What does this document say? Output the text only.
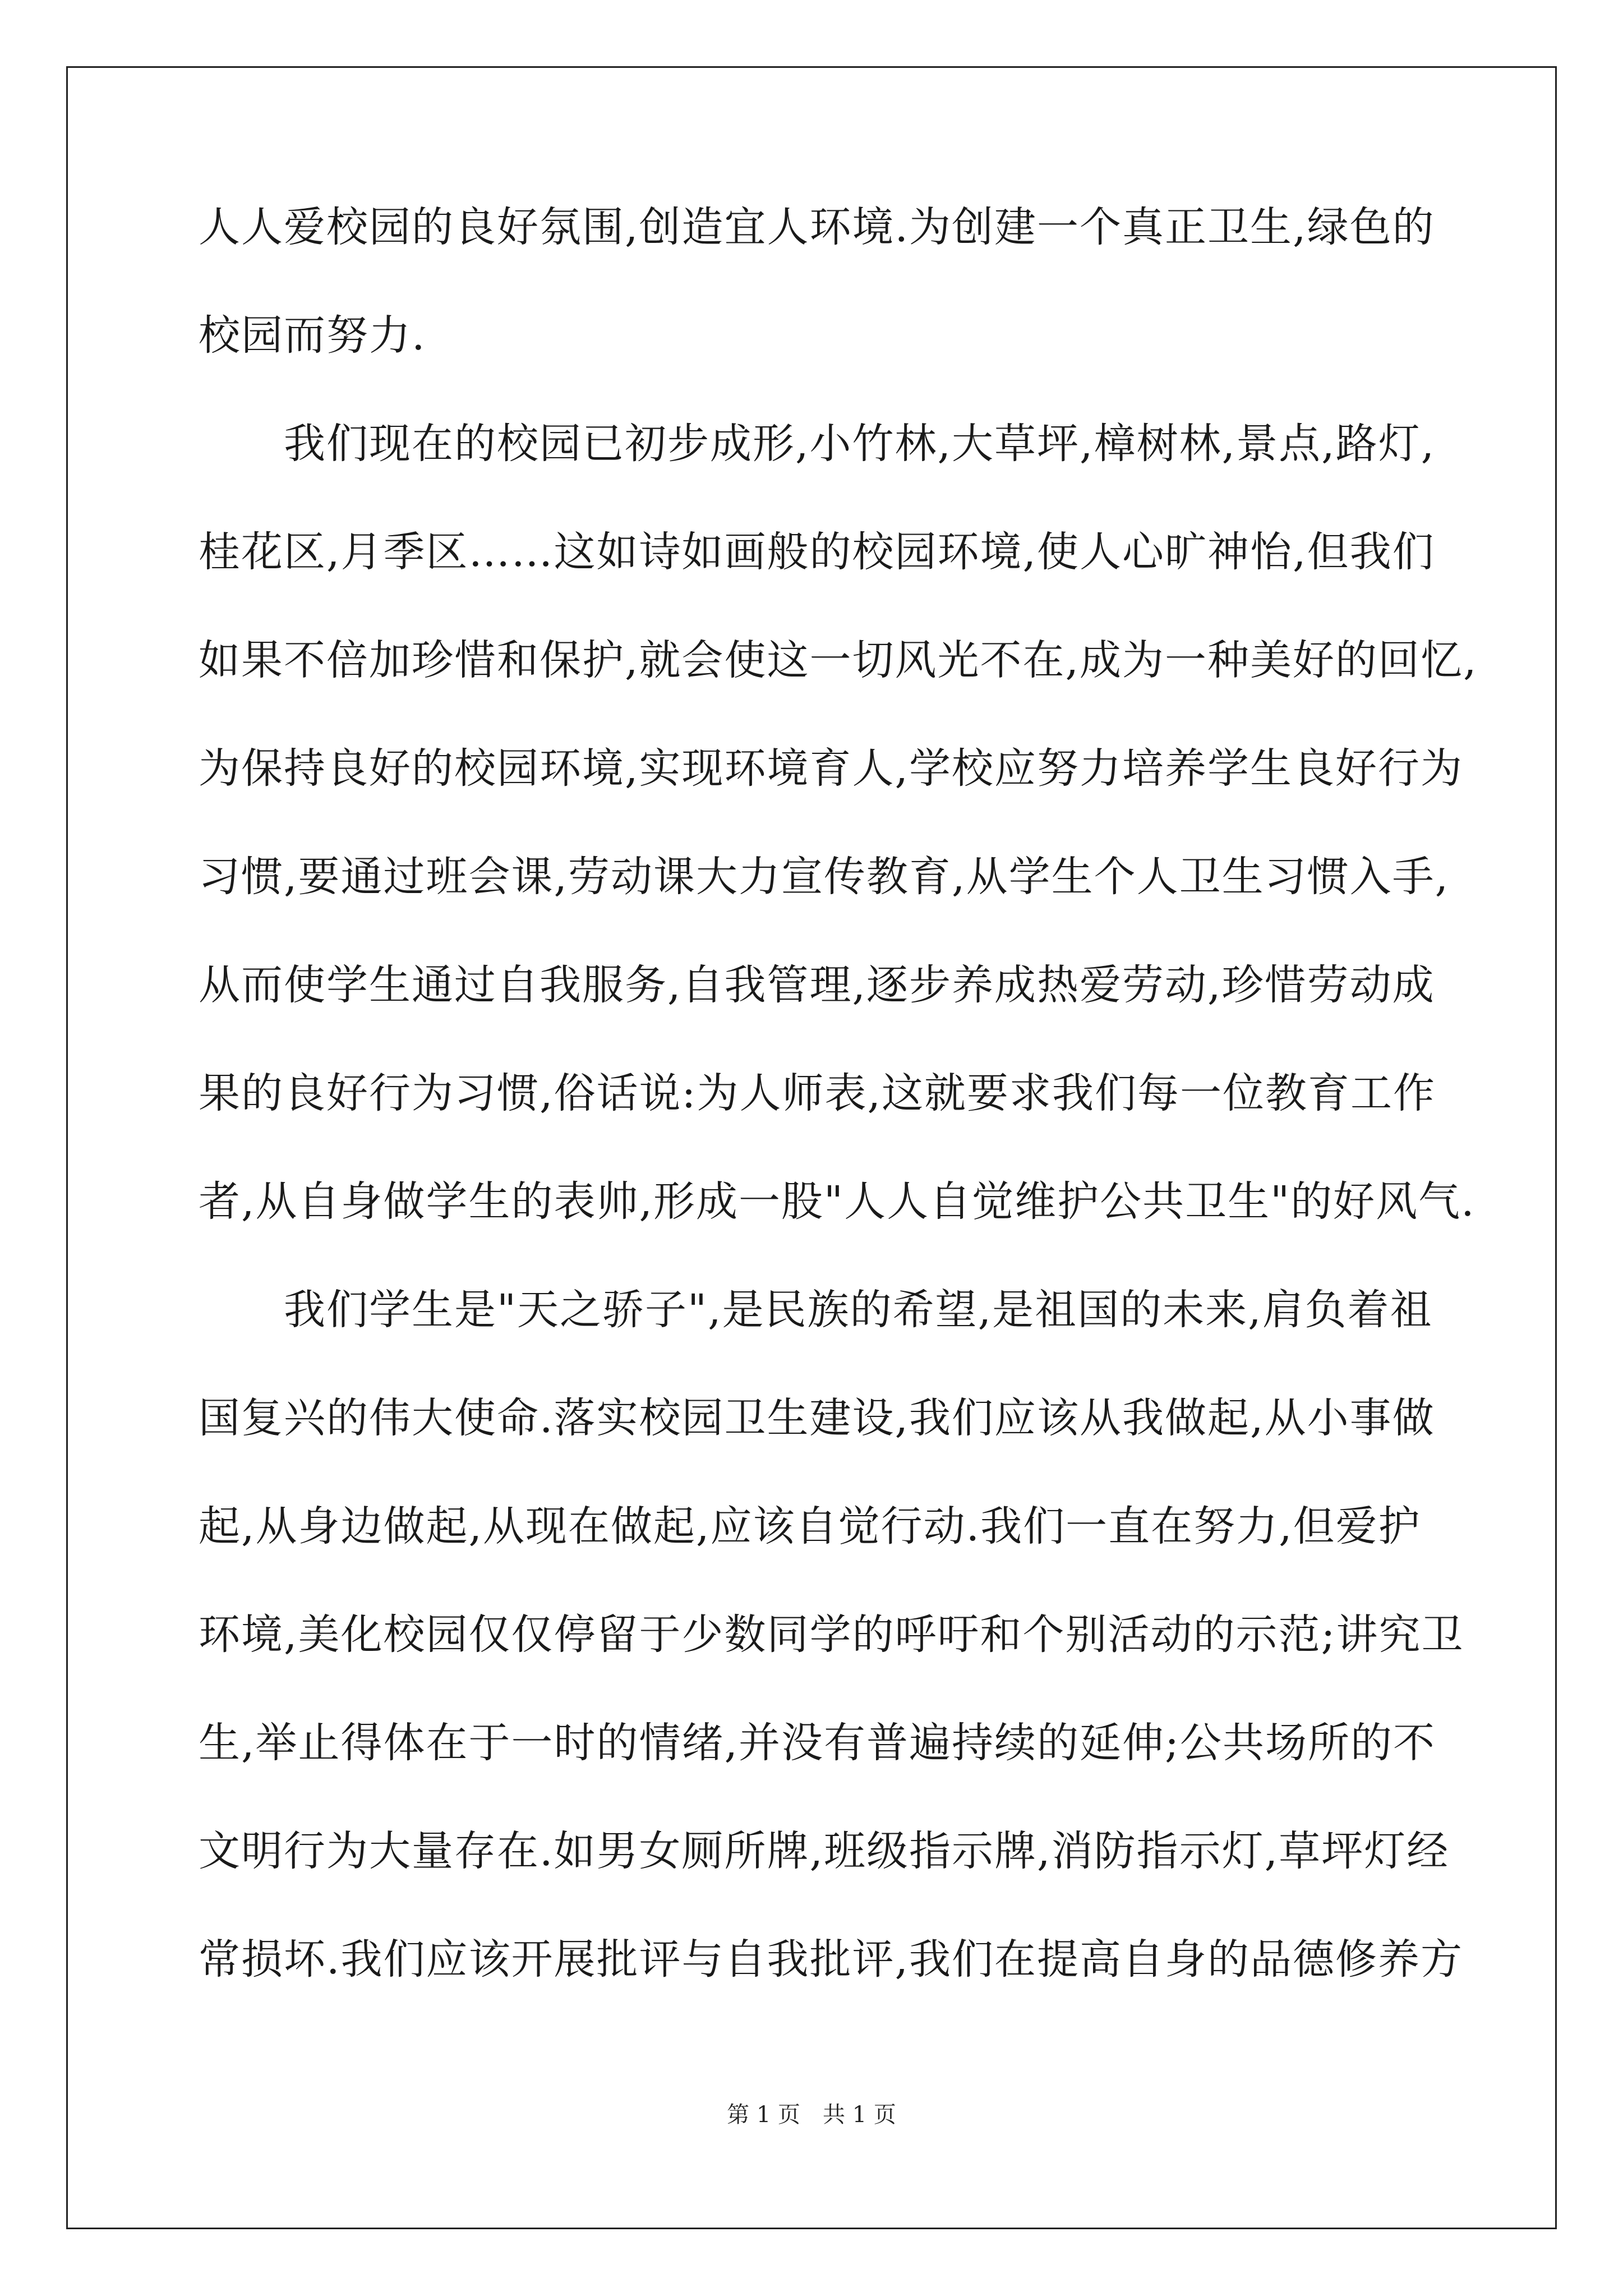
人人爱校园的良好氛围,创造宜人环境.为创建一个真正卫生,绿色的
校园而努力.
　　我们现在的校园已初步成形,小竹林,大草坪,樟树林,景点,路灯,
桂花区,月季区……这如诗如画般的校园环境,使人心旷神怡,但我们
如果不倍加珍惜和保护,就会使这一切风光不在,成为一种美好的回忆,
为保持良好的校园环境,实现环境育人,学校应努力培养学生良好行为
习惯,要通过班会课,劳动课大力宣传教育,从学生个人卫生习惯入手,
从而使学生通过自我服务,自我管理,逐步养成热爱劳动,珍惜劳动成
果的良好行为习惯,俗话说:为人师表,这就要求我们每一位教育工作
者,从自身做学生的表帅,形成一股"人人自觉维护公共卫生"的好风气.
　　我们学生是"天之骄子",是民族的希望,是祖国的未来,肩负着祖
国复兴的伟大使命.落实校园卫生建设,我们应该从我做起,从小事做
起,从身边做起,从现在做起,应该自觉行动.我们一直在努力,但爱护
环境,美化校园仅仅停留于少数同学的呼吁和个别活动的示范;讲究卫
生,举止得体在于一时的情绪,并没有普遍持续的延伸;公共场所的不
文明行为大量存在.如男女厕所牌,班级指示牌,消防指示灯,草坪灯经
常损坏.我们应该开展批评与自我批评,我们在提高自身的品德修养方
第 1 页　共 1 页
